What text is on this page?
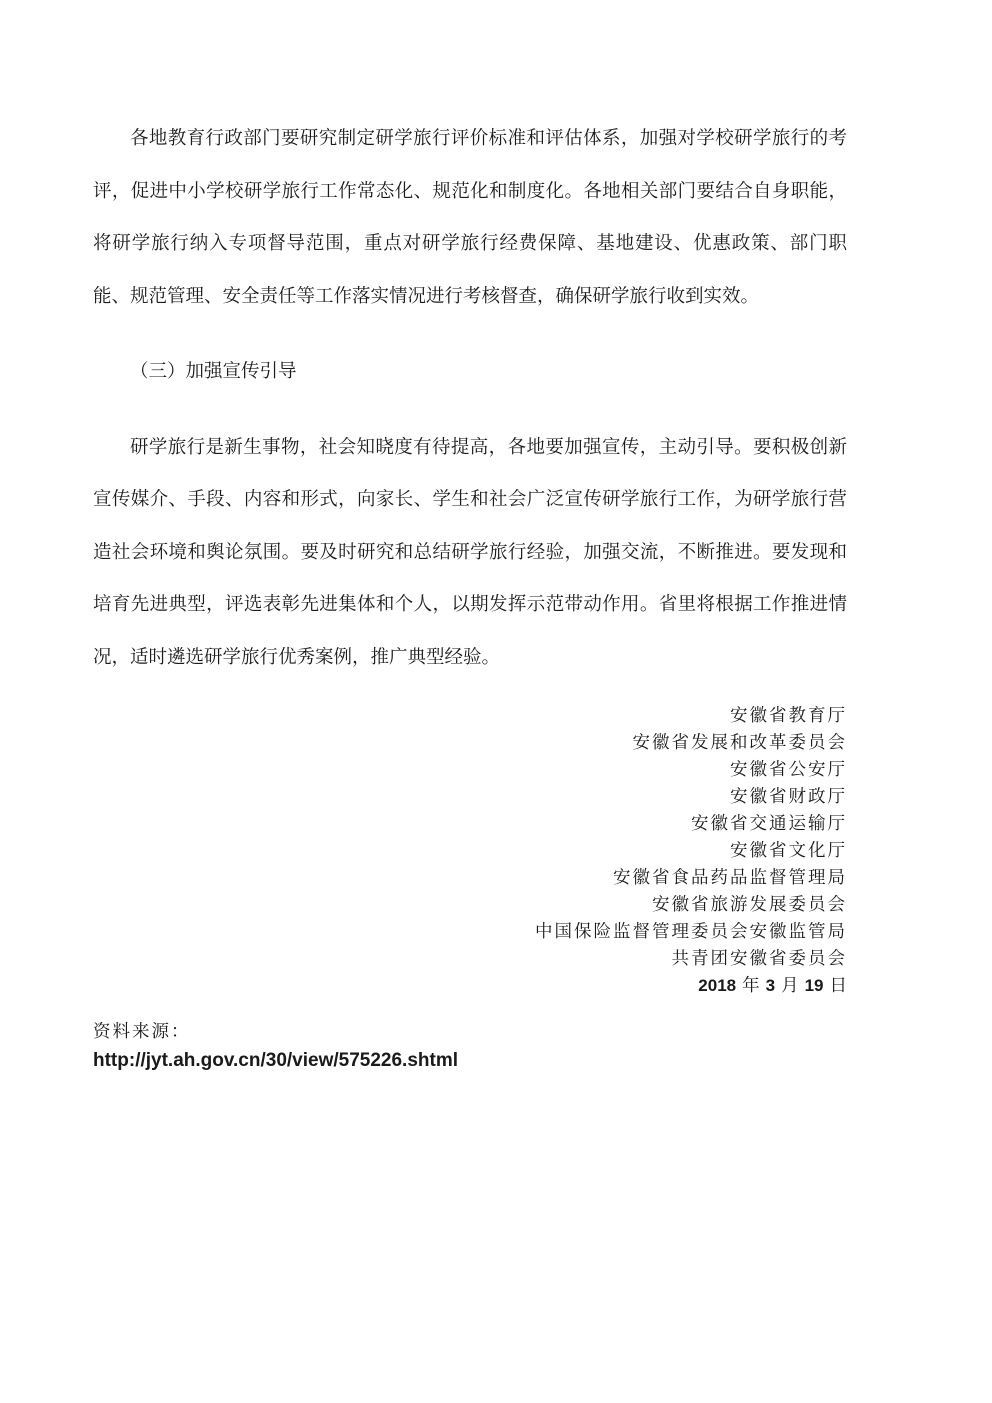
各地教育行政部门要研究制定研学旅行评价标准和评估体系，加强对学校研学旅行的考评，促进中小学校研学旅行工作常态化、规范化和制度化。各地相关部门要结合自身职能，将研学旅行纳入专项督导范围，重点对研学旅行经费保障、基地建设、优惠政策、部门职能、规范管理、安全责任等工作落实情况进行考核督查，确保研学旅行收到实效。

（三）加强宣传引导

研学旅行是新生事物，社会知晓度有待提高，各地要加强宣传，主动引导。要积极创新宣传媒介、手段、内容和形式，向家长、学生和社会广泛宣传研学旅行工作，为研学旅行营造社会环境和舆论氛围。要及时研究和总结研学旅行经验，加强交流，不断推进。要发现和培育先进典型，评选表彰先进集体和个人，以期发挥示范带动作用。省里将根据工作推进情况，适时遴选研学旅行优秀案例，推广典型经验。

安徽省教育厅
安徽省发展和改革委员会
安徽省公安厅
安徽省财政厅
安徽省交通运输厅
安徽省文化厅
安徽省食品药品监督管理局
安徽省旅游发展委员会
中国保险监督管理委员会安徽监管局
共青团安徽省委员会
2018 年 3 月 19 日
资料来源：
http://jyt.ah.gov.cn/30/view/575226.shtml
